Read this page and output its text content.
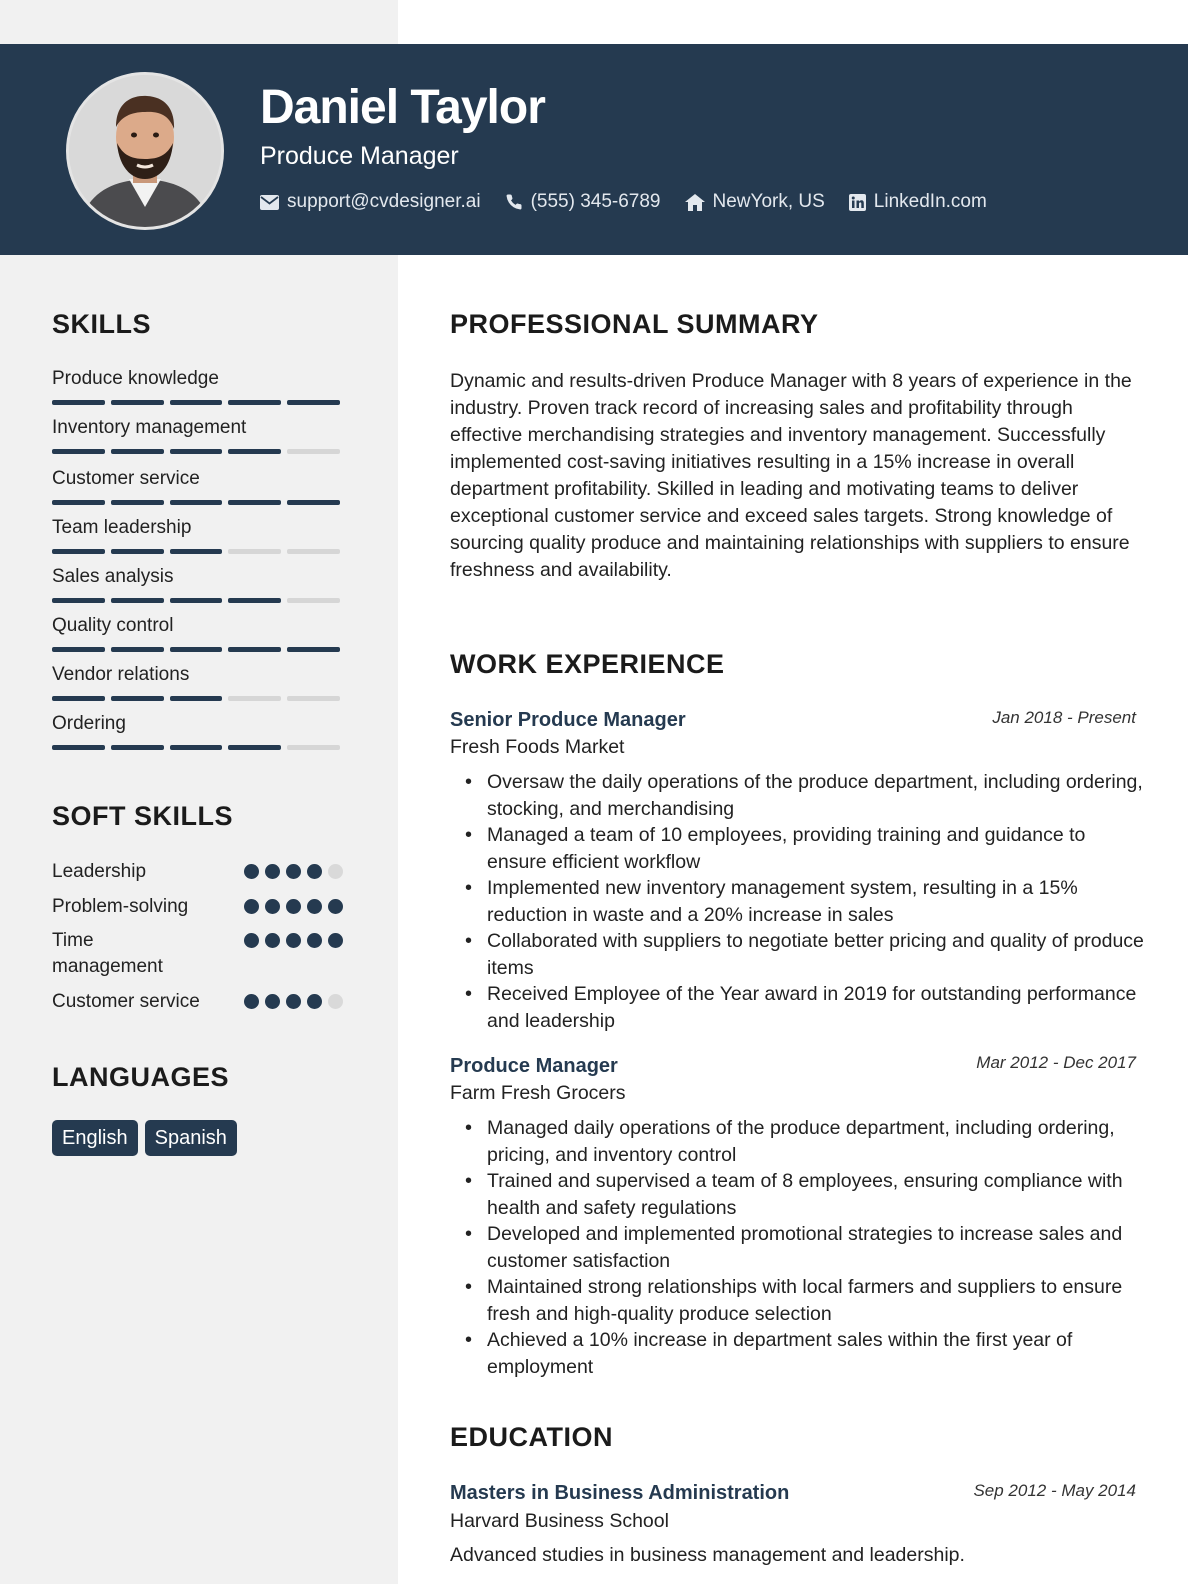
Daniel Taylor
Produce Manager
support@cvdesigner.ai	(555) 345-6789	NewYork, US	LinkedIn.com
SKILLS
Produce knowledge
Inventory management
Customer service
Team leadership
Sales analysis
Quality control
Vendor relations
Ordering
SOFT SKILLS
Leadership
Problem-solving
Time management
Customer service
LANGUAGES
English	Spanish
PROFESSIONAL SUMMARY
Dynamic and results-driven Produce Manager with 8 years of experience in the industry. Proven track record of increasing sales and profitability through effective merchandising strategies and inventory management. Successfully implemented cost-saving initiatives resulting in a 15% increase in overall department profitability. Skilled in leading and motivating teams to deliver exceptional customer service and exceed sales targets. Strong knowledge of sourcing quality produce and maintaining relationships with suppliers to ensure freshness and availability.
WORK EXPERIENCE
Senior Produce Manager	Jan 2018 - Present
Fresh Foods Market
• Oversaw the daily operations of the produce department, including ordering, stocking, and merchandising
• Managed a team of 10 employees, providing training and guidance to ensure efficient workflow
• Implemented new inventory management system, resulting in a 15% reduction in waste and a 20% increase in sales
• Collaborated with suppliers to negotiate better pricing and quality of produce items
• Received Employee of the Year award in 2019 for outstanding performance and leadership
Produce Manager	Mar 2012 - Dec 2017
Farm Fresh Grocers
• Managed daily operations of the produce department, including ordering, pricing, and inventory control
• Trained and supervised a team of 8 employees, ensuring compliance with health and safety regulations
• Developed and implemented promotional strategies to increase sales and customer satisfaction
• Maintained strong relationships with local farmers and suppliers to ensure fresh and high-quality produce selection
• Achieved a 10% increase in department sales within the first year of employment
EDUCATION
Masters in Business Administration	Sep 2012 - May 2014
Harvard Business School
Advanced studies in business management and leadership.
